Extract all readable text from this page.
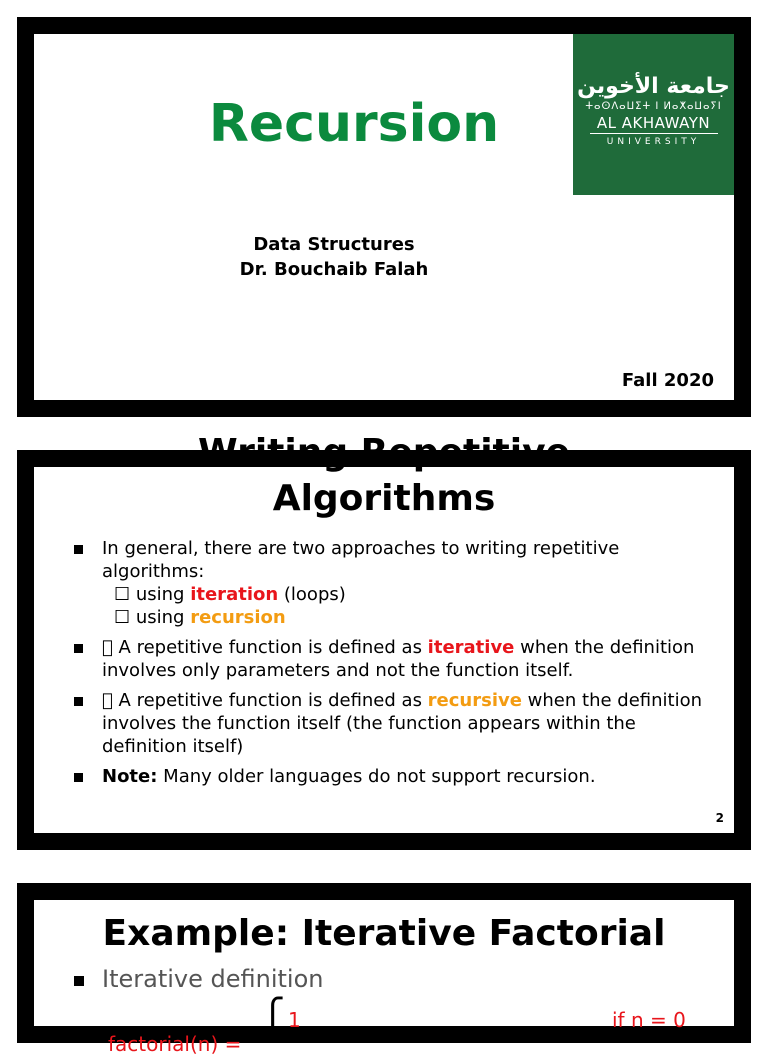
Recursion
جامعة الأخوين
ⵜⴰⵙⴷⴰⵡⵉⵜ ⵏ ⵍⴰⵅⴰⵡⴰⵢⵏ
AL AKHAWAYN
UNIVERSITY
Data Structures
Dr. Bouchaib Falah
Fall 2020
Writing Repetitive
Algorithms
In general, there are two approaches to writing repetitive algorithms:
☐ using iteration (loops)
☐ using recursion
￿ A repetitive function is defined as iterative when the definition involves only parameters and not the function itself.
￿ A repetitive function is defined as recursive when the definition involves the function itself (the function appears within the definition itself)
Note: Many older languages do not support recursion.
2
Example: Iterative Factorial
Iterative definition
1	if n = 0
factorial(n) =
⎧
